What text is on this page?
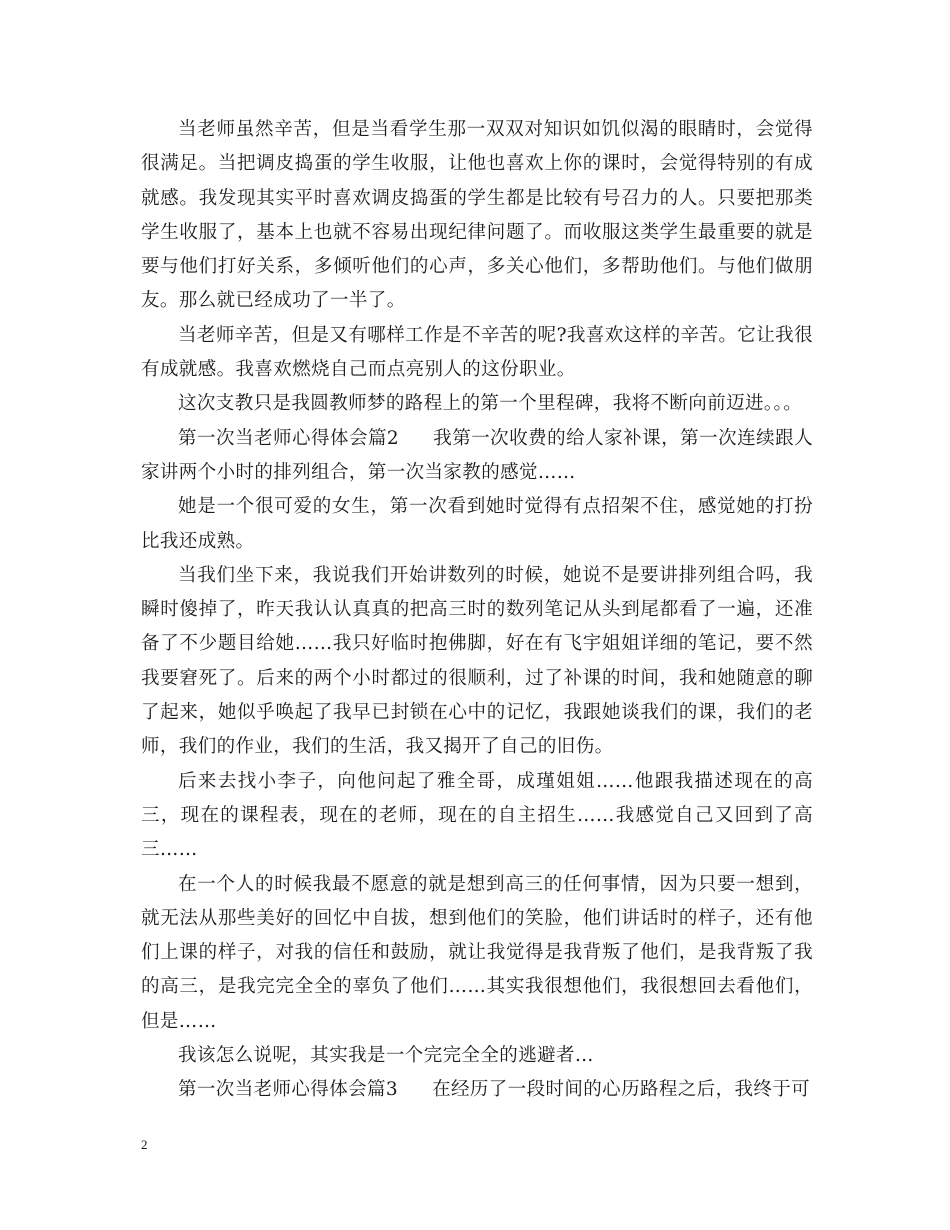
当老师虽然辛苦，但是当看学生那一双双对知识如饥似渴的眼睛时，会觉得很满足。当把调皮捣蛋的学生收服，让他也喜欢上你的课时，会觉得特别的有成就感。我发现其实平时喜欢调皮捣蛋的学生都是比较有号召力的人。只要把那类学生收服了，基本上也就不容易出现纪律问题了。而收服这类学生最重要的就是要与他们打好关系，多倾听他们的心声，多关心他们，多帮助他们。与他们做朋友。那么就已经成功了一半了。

当老师辛苦，但是又有哪样工作是不辛苦的呢?我喜欢这样的辛苦。它让我很有成就感。我喜欢燃烧自己而点亮别人的这份职业。

这次支教只是我圆教师梦的路程上的第一个里程碑，我将不断向前迈进。。。

第一次当老师心得体会篇2 我第一次收费的给人家补课，第一次连续跟人家讲两个小时的排列组合，第一次当家教的感觉……

她是一个很可爱的女生，第一次看到她时觉得有点招架不住，感觉她的打扮比我还成熟。

当我们坐下来，我说我们开始讲数列的时候，她说不是要讲排列组合吗，我瞬时傻掉了，昨天我认认真真的把高三时的数列笔记从头到尾都看了一遍，还准备了不少题目给她……我只好临时抱佛脚，好在有飞宇姐姐详细的笔记，要不然我要窘死了。后来的两个小时都过的很顺利，过了补课的时间，我和她随意的聊了起来，她似乎唤起了我早已封锁在心中的记忆，我跟她谈我们的课，我们的老师，我们的作业，我们的生活，我又揭开了自己的旧伤。

后来去找小李子，向他问起了雅全哥，成瑾姐姐……他跟我描述现在的高三，现在的课程表，现在的老师，现在的自主招生……我感觉自己又回到了高三……

在一个人的时候我最不愿意的就是想到高三的任何事情，因为只要一想到，就无法从那些美好的回忆中自拔，想到他们的笑脸，他们讲话时的样子，还有他们上课的样子，对我的信任和鼓励，就让我觉得是我背叛了他们，是我背叛了我的高三，是我完完全全的辜负了他们……其实我很想他们，我很想回去看他们，但是……

我该怎么说呢，其实我是一个完完全全的逃避者…

第一次当老师心得体会篇3 在经历了一段时间的心历路程之后，我终于可

2
